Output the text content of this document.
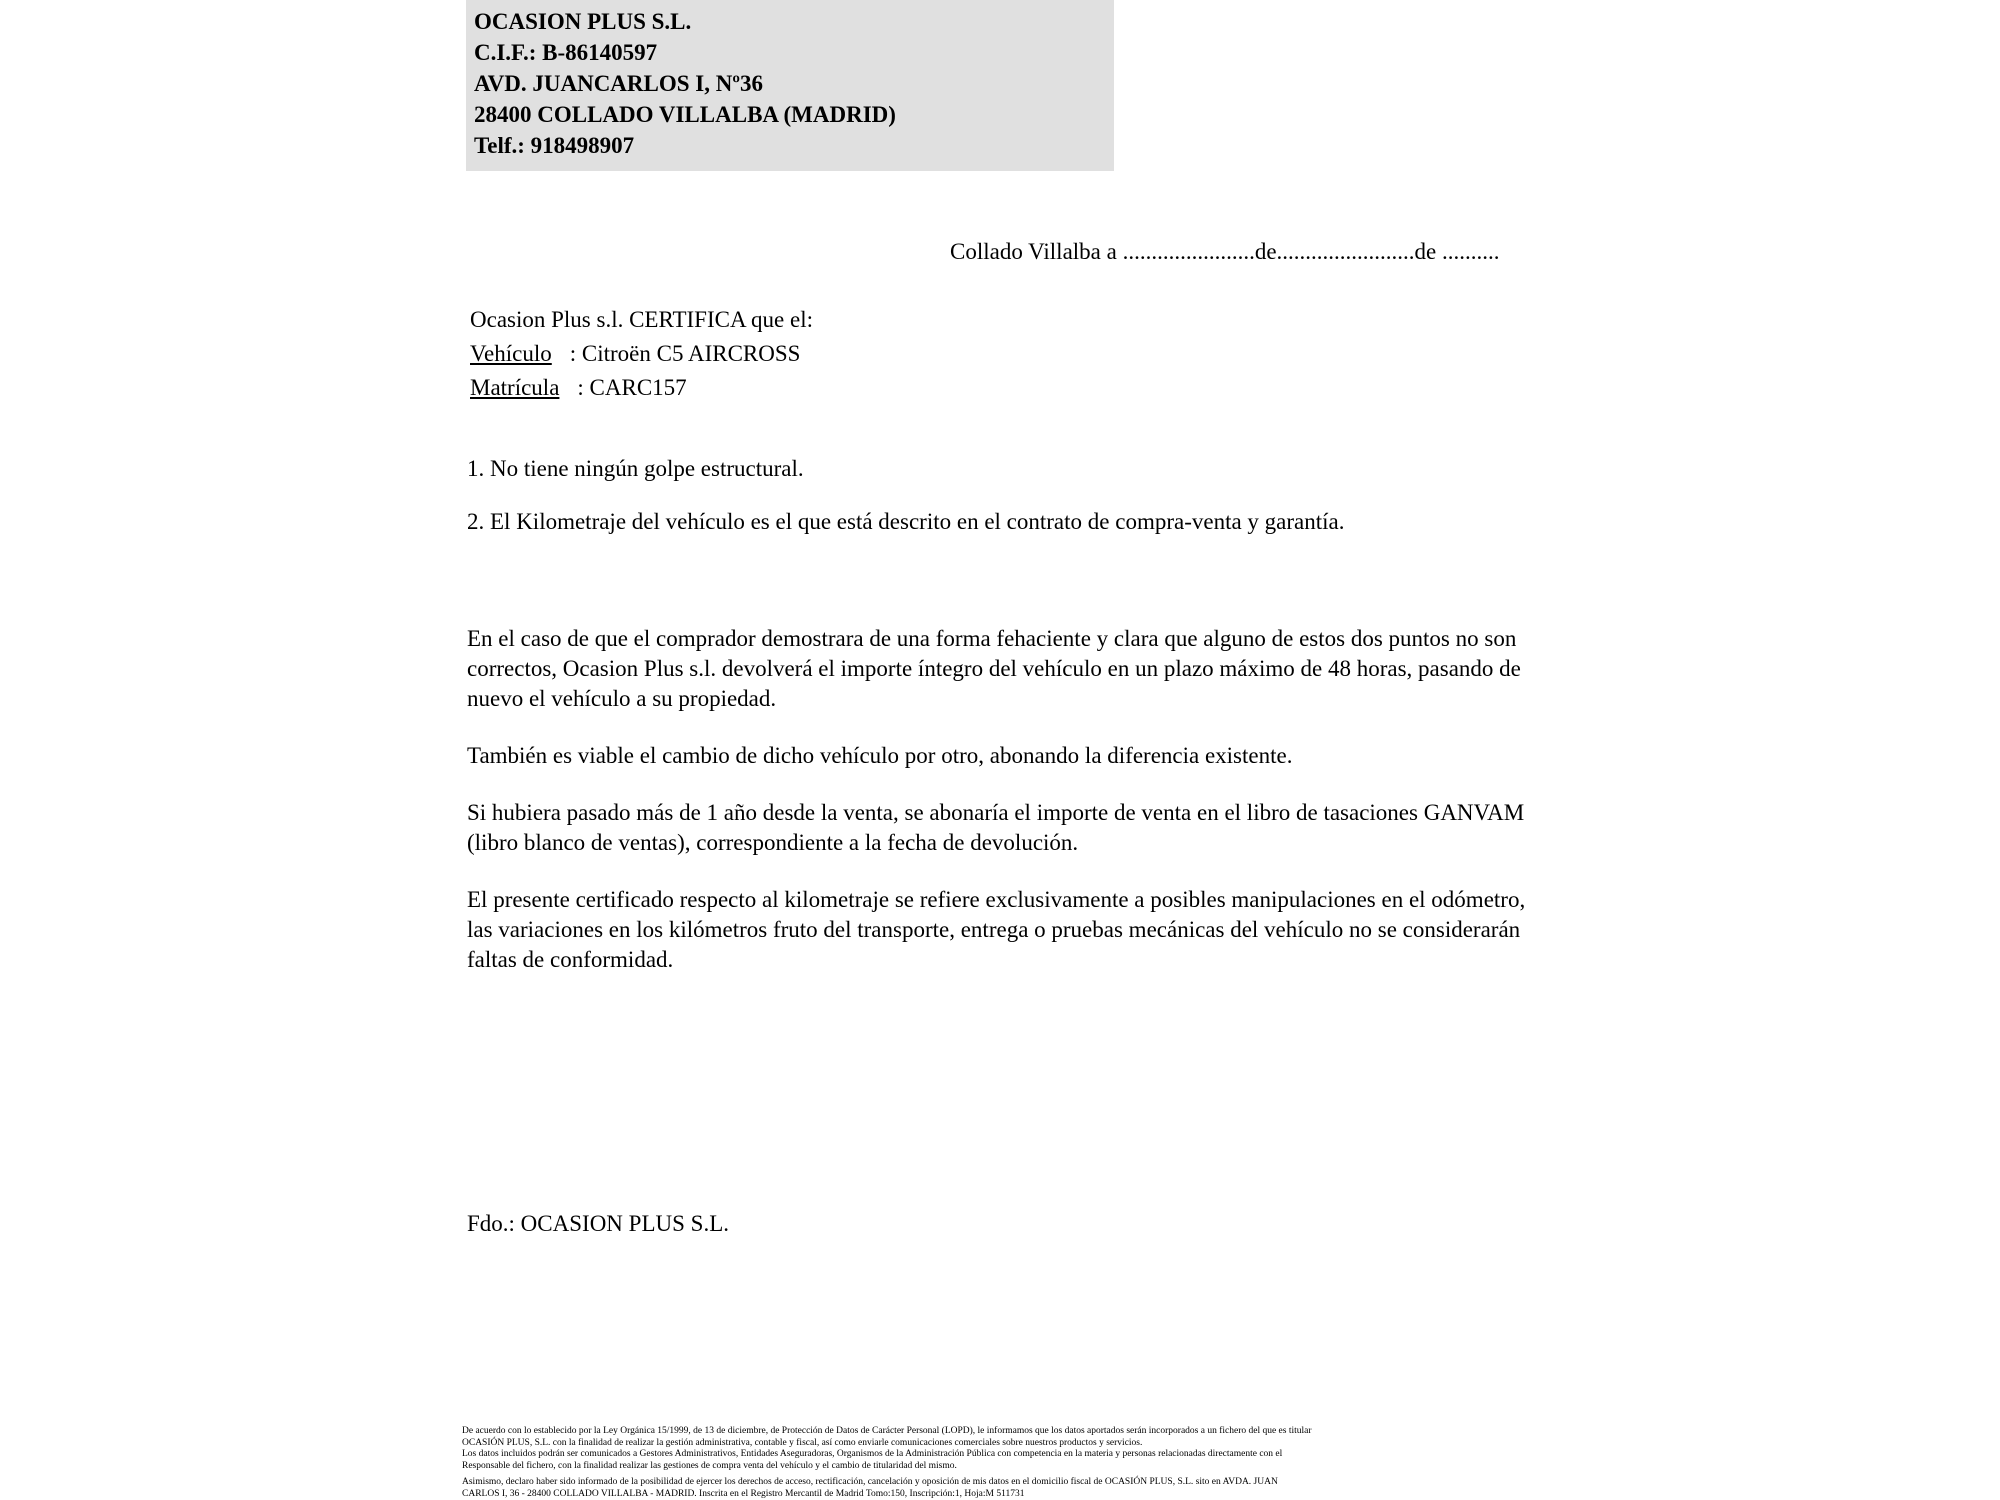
OCASION PLUS S.L.
C.I.F.: B-86140597
AVD. JUANCARLOS I, Nº36
28400 COLLADO VILLALBA (MADRID)
Telf.: 918498907
Collado Villalba a .......................de........................de ..........
Ocasion Plus s.l. CERTIFICA que el:
Vehículo : Citroën C5 AIRCROSS
Matrícula : CARC157
1. No tiene ningún golpe estructural.
2. El Kilometraje del vehículo es el que está descrito en el contrato de compra-venta y garantía.

En el caso de que el comprador demostrara de una forma fehaciente y clara que alguno de estos dos puntos no son correctos, Ocasion Plus s.l. devolverá el importe íntegro del vehículo en un plazo máximo de 48 horas, pasando de nuevo el vehículo a su propiedad.

También es viable el cambio de dicho vehículo por otro, abonando la diferencia existente.

Si hubiera pasado más de 1 año desde la venta, se abonaría el importe de venta en el libro de tasaciones GANVAM (libro blanco de ventas), correspondiente a la fecha de devolución.

El presente certificado respecto al kilometraje se refiere exclusivamente a posibles manipulaciones en el odómetro, las variaciones en los kilómetros fruto del transporte, entrega o pruebas mecánicas del vehículo no se considerarán faltas de conformidad.

Fdo.: OCASION PLUS S.L.

De acuerdo con lo establecido por la Ley Orgánica 15/1999, de 13 de diciembre, de Protección de Datos de Carácter Personal (LOPD), le informamos que los datos aportados serán incorporados a un fichero del que es titular

OCASIÓN PLUS, S.L. con la finalidad de realizar la gestión administrativa, contable y fiscal, así como enviarle comunicaciones comerciales sobre nuestros productos y servicios.

Los datos incluidos podrán ser comunicados a Gestores Administrativos, Entidades Aseguradoras, Organismos de la Administración Pública con competencia en la materia y personas relacionadas directamente con el

Responsable del fichero, con la finalidad realizar las gestiones de compra venta del vehículo y el cambio de titularidad del mismo.

Asimismo, declaro haber sido informado de la posibilidad de ejercer los derechos de acceso, rectificación, cancelación y oposición de mis datos en el domicilio fiscal de OCASIÓN PLUS, S.L. sito en AVDA. JUAN

CARLOS I, 36 - 28400 COLLADO VILLALBA - MADRID. Inscrita en el Registro Mercantil de Madrid Tomo:150, Inscripción:1, Hoja:M 511731
